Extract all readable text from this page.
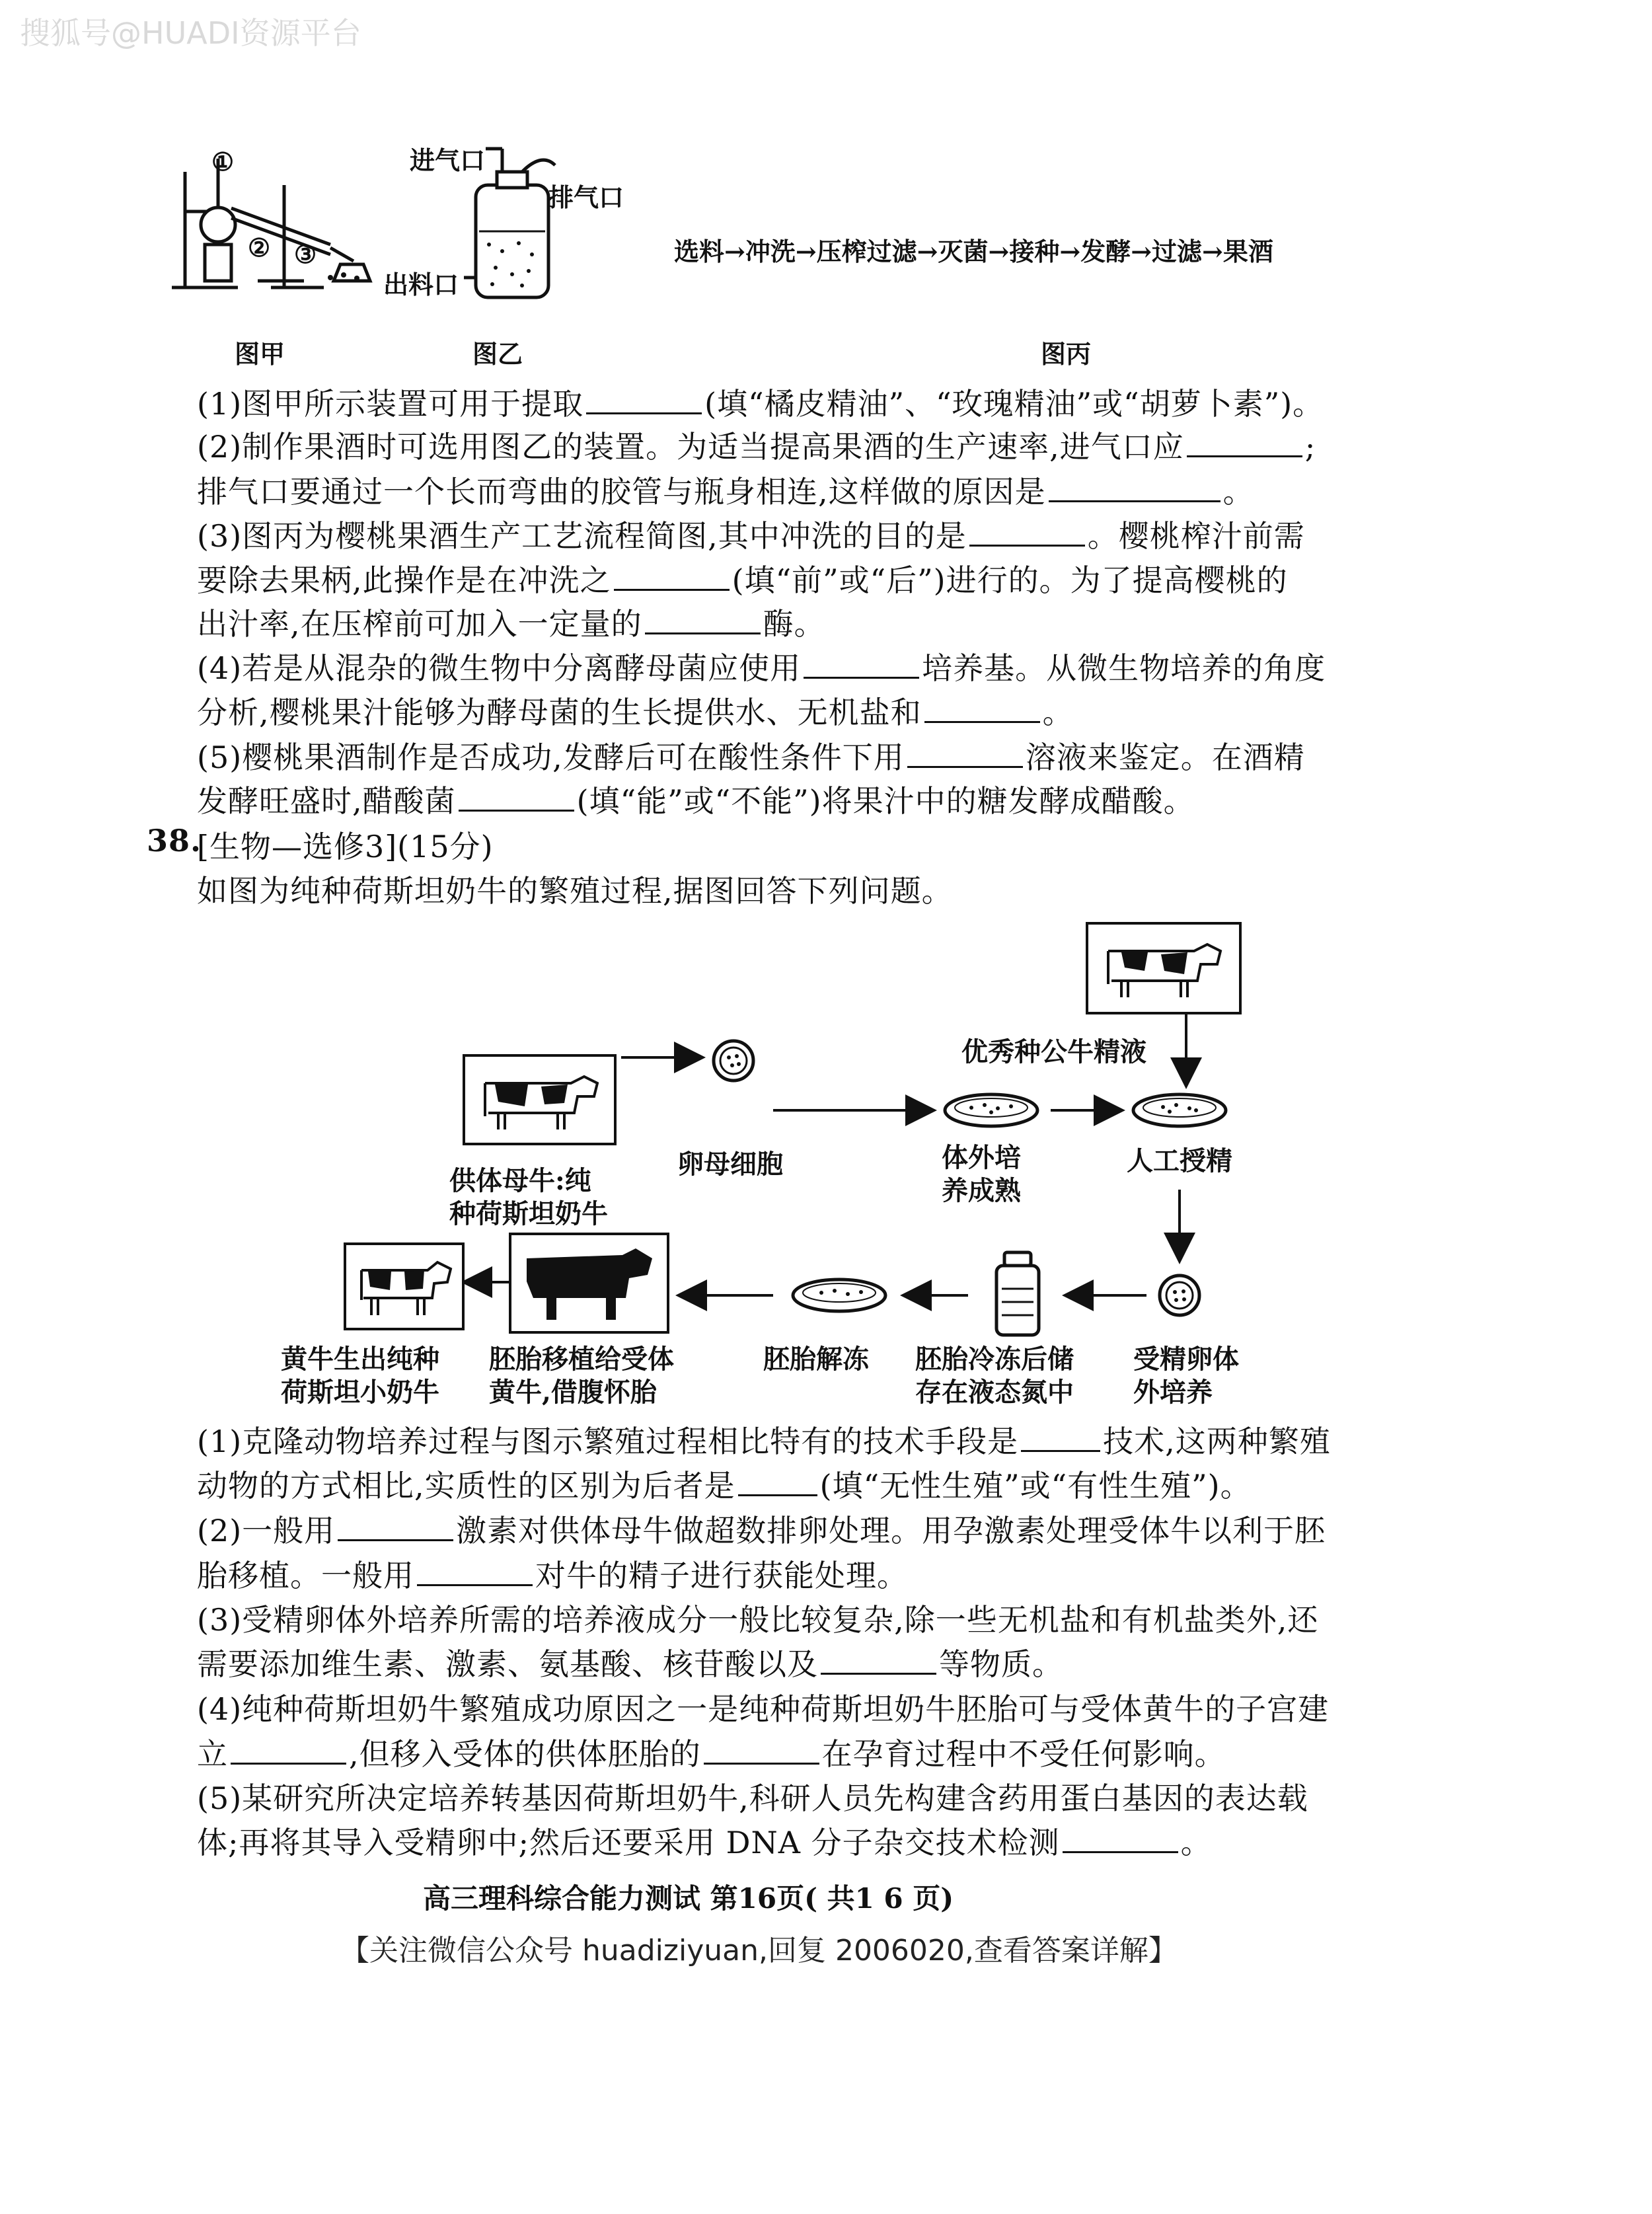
搜狐号@HUADI资源平台
①
② ③
进气口
排气口
出料口
选料→冲洗→压榨过滤→灭菌→接种→发酵→过滤→果酒
图甲	图乙	图丙
(1)图甲所示装置可用于提取	(填“橘皮精油”、“玫瑰精油”或“胡萝卜素”)。
(2)制作果酒时可选用图乙的装置。为适当提高果酒的生产速率,进气口应	;
排气口要通过一个长而弯曲的胶管与瓶身相连,这样做的原因是	。
(3)图丙为樱桃果酒生产工艺流程简图,其中冲洗的目的是	。樱桃榨汁前需
要除去果柄,此操作是在冲洗之	(填“前”或“后”)进行的。为了提高樱桃的
出汁率,在压榨前可加入一定量的	酶。
(4)若是从混杂的微生物中分离酵母菌应使用	培养基。从微生物培养的角度
分析,樱桃果汁能够为酵母菌的生长提供水、无机盐和	。
(5)樱桃果酒制作是否成功,发酵后可在酸性条件下用	溶液来鉴定。在酒精
发酵旺盛时,醋酸菌	(填“能”或“不能”)将果汁中的糖发酵成醋酸。
38.
[生物—选修3](15分)
如图为纯种荷斯坦奶牛的繁殖过程,据图回答下列问题。
优秀种公牛精液
供体母牛:纯
种荷斯坦奶牛
卵母细胞	体外培
养成熟
人工授精
受精卵体
外培养
胚胎冷冻后储
存在液态氮中
胚胎解冻
胚胎移植给受体
黄牛,借腹怀胎
黄牛生出纯种
荷斯坦小奶牛
(1)克隆动物培养过程与图示繁殖过程相比特有的技术手段是	技术,这两种繁殖
动物的方式相比,实质性的区别为后者是	(填“无性生殖”或“有性生殖”)。
(2)一般用	激素对供体母牛做超数排卵处理。用孕激素处理受体牛以利于胚
胎移植。一般用	对牛的精子进行获能处理。
(3)受精卵体外培养所需的培养液成分一般比较复杂,除一些无机盐和有机盐类外,还
需要添加维生素、激素、氨基酸、核苷酸以及	等物质。
(4)纯种荷斯坦奶牛繁殖成功原因之一是纯种荷斯坦奶牛胚胎可与受体黄牛的子宫建
立	,但移入受体的供体胚胎的	在孕育过程中不受任何影响。
(5)某研究所决定培养转基因荷斯坦奶牛,科研人员先构建含药用蛋白基因的表达载
体;再将其导入受精卵中;然后还要采用 DNA 分子杂交技术检测	。
高三理科综合能力测试 第16页( 共1 6 页)
【关注微信公众号 huadiziyuan,回复 2006020,查看答案详解】
